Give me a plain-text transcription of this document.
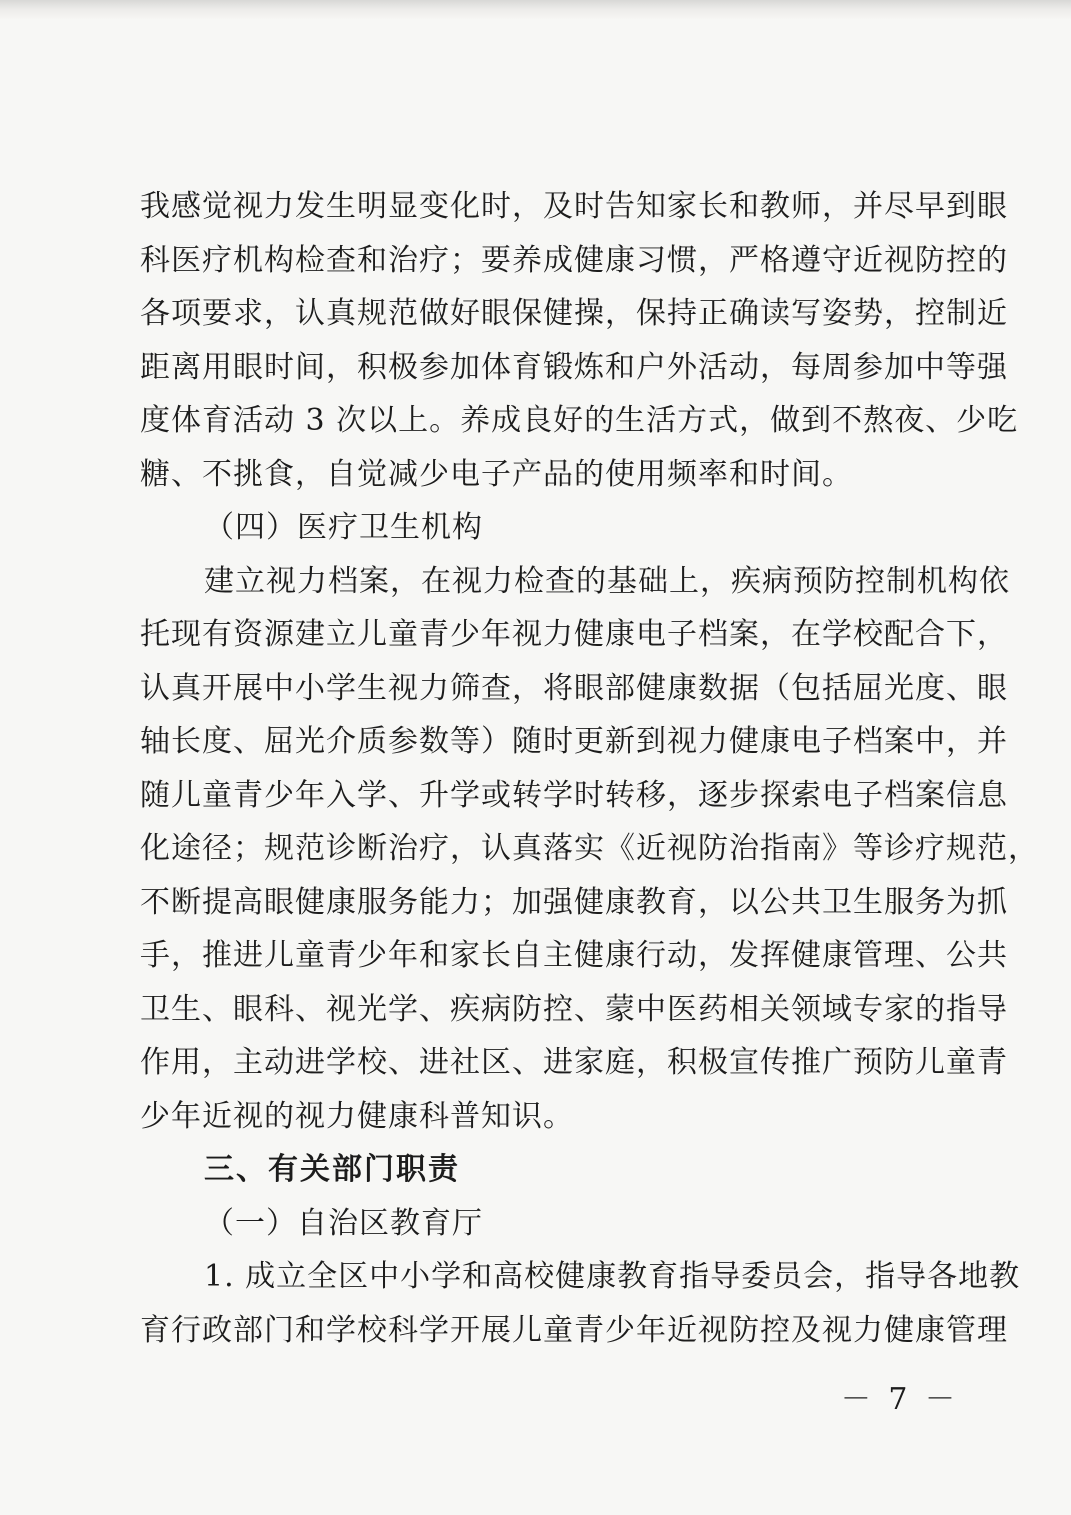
我感觉视力发生明显变化时，及时告知家长和教师，并尽早到眼
科医疗机构检查和治疗；要养成健康习惯，严格遵守近视防控的
各项要求，认真规范做好眼保健操，保持正确读写姿势，控制近
距离用眼时间，积极参加体育锻炼和户外活动，每周参加中等强
度体育活动 3 次以上。养成良好的生活方式，做到不熬夜、少吃
糖、不挑食，自觉减少电子产品的使用频率和时间。
（四）医疗卫生机构
建立视力档案，在视力检查的基础上，疾病预防控制机构依
托现有资源建立儿童青少年视力健康电子档案，在学校配合下，
认真开展中小学生视力筛查，将眼部健康数据（包括屈光度、眼
轴长度、屈光介质参数等）随时更新到视力健康电子档案中，并
随儿童青少年入学、升学或转学时转移，逐步探索电子档案信息
化途径；规范诊断治疗，认真落实《近视防治指南》等诊疗规范，
不断提高眼健康服务能力；加强健康教育，以公共卫生服务为抓
手，推进儿童青少年和家长自主健康行动，发挥健康管理、公共
卫生、眼科、视光学、疾病防控、蒙中医药相关领域专家的指导
作用，主动进学校、进社区、进家庭，积极宣传推广预防儿童青
少年近视的视力健康科普知识。
三、有关部门职责
（一）自治区教育厅
1. 成立全区中小学和高校健康教育指导委员会，指导各地教
育行政部门和学校科学开展儿童青少年近视防控及视力健康管理
－ 7 －
